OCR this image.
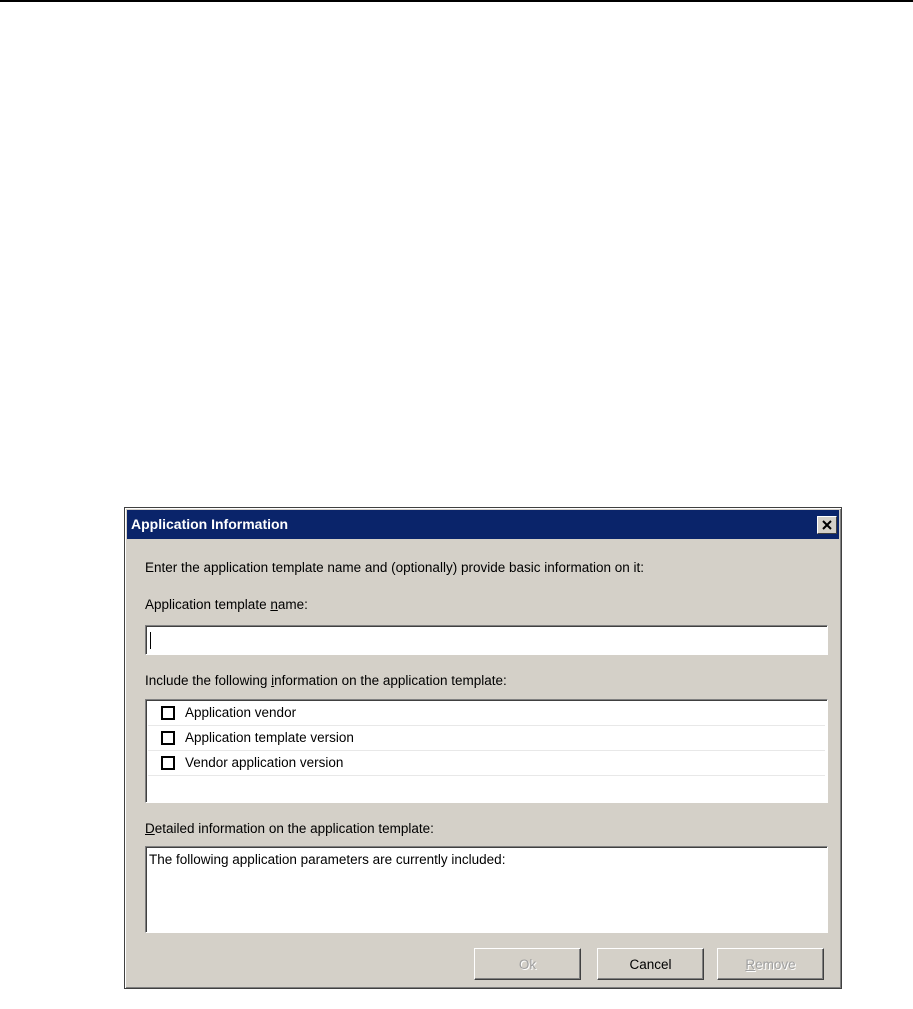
Application Information
Enter the application template name and (optionally) provide basic information on it:
Application template name:
Include the following information on the application template:
Application vendor
Application template version
Vendor application version
Detailed information on the application template:
The following application parameters are currently included:
Ok	Cancel	R emove
